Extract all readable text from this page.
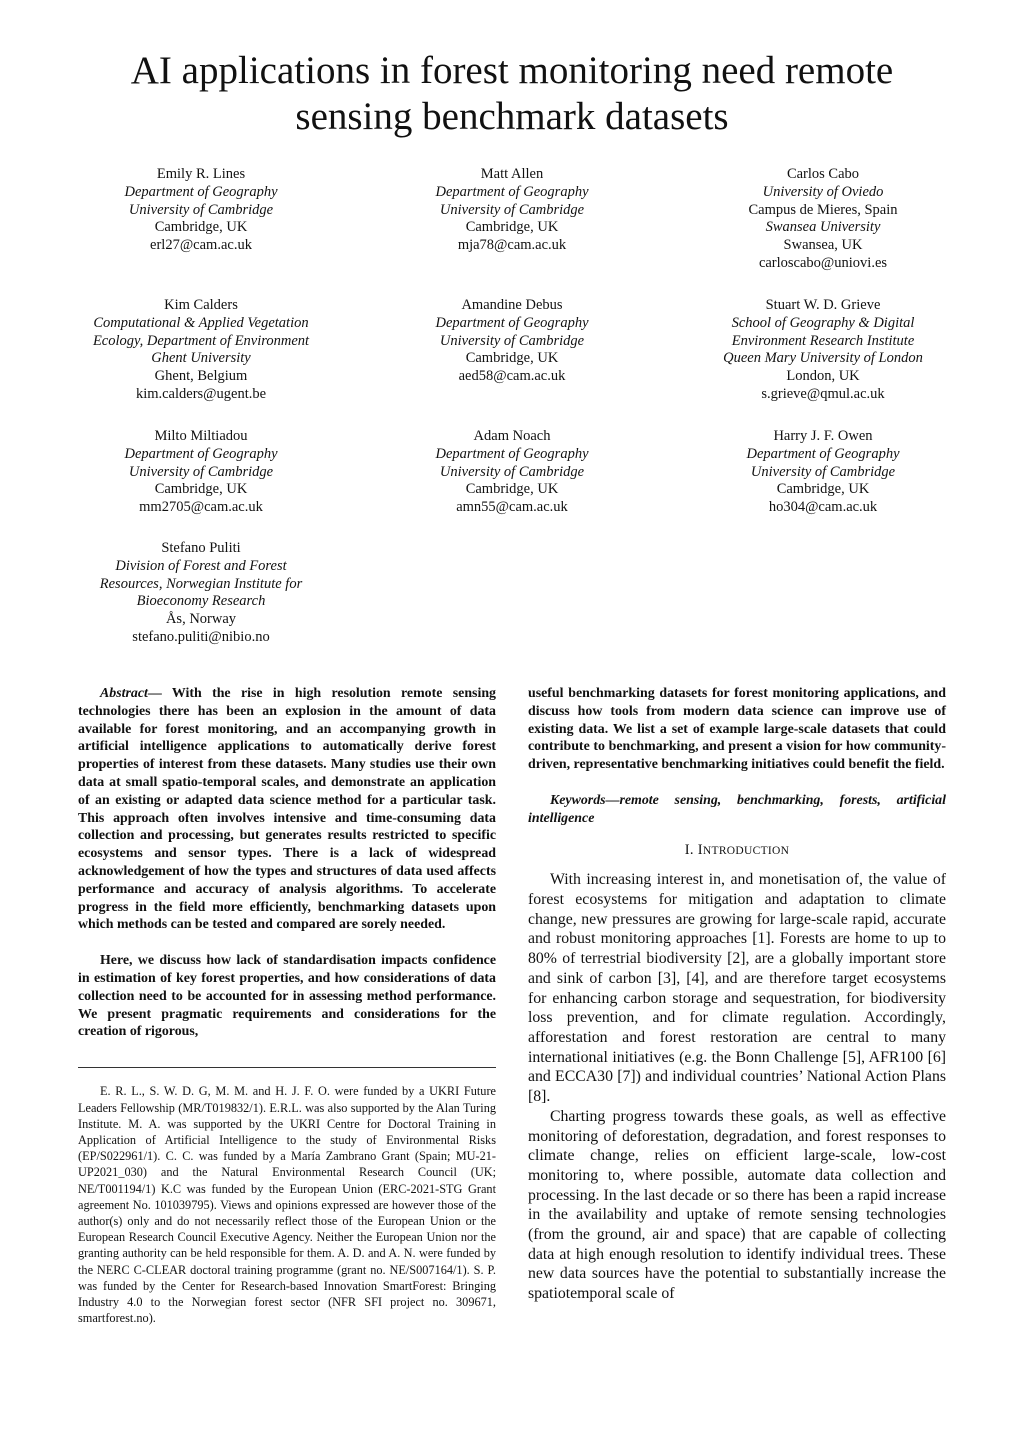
AI applications in forest monitoring need remote
sensing benchmark datasets
Emily R. Lines
Department of Geography
University of Cambridge
Cambridge, UK
erl27@cam.ac.uk
Matt Allen
Department of Geography
University of Cambridge
Cambridge, UK
mja78@cam.ac.uk
Carlos Cabo
University of Oviedo
Campus de Mieres, Spain
Swansea University
Swansea, UK
carloscabo@uniovi.es
Kim Calders
Computational & Applied Vegetation
Ecology, Department of Environment
Ghent University
Ghent, Belgium
kim.calders@ugent.be
Amandine Debus
Department of Geography
University of Cambridge
Cambridge, UK
aed58@cam.ac.uk
Stuart W. D. Grieve
School of Geography & Digital
Environment Research Institute
Queen Mary University of London
London, UK
s.grieve@qmul.ac.uk
Milto Miltiadou
Department of Geography
University of Cambridge
Cambridge, UK
mm2705@cam.ac.uk
Adam Noach
Department of Geography
University of Cambridge
Cambridge, UK
amn55@cam.ac.uk
Harry J. F. Owen
Department of Geography
University of Cambridge
Cambridge, UK
ho304@cam.ac.uk
Stefano Puliti
Division of Forest and Forest
Resources, Norwegian Institute for
Bioeconomy Research
Ås, Norway
stefano.puliti@nibio.no

Abstract— With the rise in high resolution remote sensing technologies there has been an explosion in the amount of data available for forest monitoring, and an accompanying growth in artificial intelligence applications to automatically derive forest properties of interest from these datasets. Many studies use their own data at small spatio-temporal scales, and demonstrate an application of an existing or adapted data science method for a particular task. This approach often involves intensive and time-consuming data collection and processing, but generates results restricted to specific ecosystems and sensor types. There is a lack of widespread acknowledgement of how the types and structures of data used affects performance and accuracy of analysis algorithms. To accelerate progress in the field more efficiently, benchmarking datasets upon which methods can be tested and compared are sorely needed.

Here, we discuss how lack of standardisation impacts confidence in estimation of key forest properties, and how considerations of data collection need to be accounted for in assessing method performance. We present pragmatic requirements and considerations for the creation of rigorous,

E. R. L., S. W. D. G, M. M. and H. J. F. O. were funded by a UKRI Future Leaders Fellowship (MR/T019832/1). E.R.L. was also supported by the Alan Turing Institute. M. A. was supported by the UKRI Centre for Doctoral Training in Application of Artificial Intelligence to the study of Environmental Risks (EP/S022961/1). C. C. was funded by a María Zambrano Grant (Spain; MU-21-UP2021_030) and the Natural Environmental Research Council (UK; NE/T001194/1) K.C was funded by the European Union (ERC-2021-STG Grant agreement No. 101039795). Views and opinions expressed are however those of the author(s) only and do not necessarily reflect those of the European Union or the European Research Council Executive Agency. Neither the European Union nor the granting authority can be held responsible for them. A. D. and A. N. were funded by the NERC C-CLEAR doctoral training programme (grant no. NE/S007164/1). S. P. was funded by the Center for Research-based Innovation SmartForest: Bringing Industry 4.0 to the Norwegian forest sector (NFR SFI project no. 309671, smartforest.no).

useful benchmarking datasets for forest monitoring applications, and discuss how tools from modern data science can improve use of existing data. We list a set of example large-scale datasets that could contribute to benchmarking, and present a vision for how community-driven, representative benchmarking initiatives could benefit the field.

Keywords—remote sensing, benchmarking, forests, artificial intelligence

I. INTRODUCTION

With increasing interest in, and monetisation of, the value of forest ecosystems for mitigation and adaptation to climate change, new pressures are growing for large-scale rapid, accurate and robust monitoring approaches [1]. Forests are home to up to 80% of terrestrial biodiversity [2], are a globally important store and sink of carbon [3], [4], and are therefore target ecosystems for enhancing carbon storage and sequestration, for biodiversity loss prevention, and for climate regulation. Accordingly, afforestation and forest restoration are central to many international initiatives (e.g. the Bonn Challenge [5], AFR100 [6] and ECCA30 [7]) and individual countries’ National Action Plans [8].

Charting progress towards these goals, as well as effective monitoring of deforestation, degradation, and forest responses to climate change, relies on efficient large-scale, low-cost monitoring to, where possible, automate data collection and processing. In the last decade or so there has been a rapid increase in the availability and uptake of remote sensing technologies (from the ground, air and space) that are capable of collecting data at high enough resolution to identify individual trees. These new data sources have the potential to substantially increase the spatiotemporal scale of
